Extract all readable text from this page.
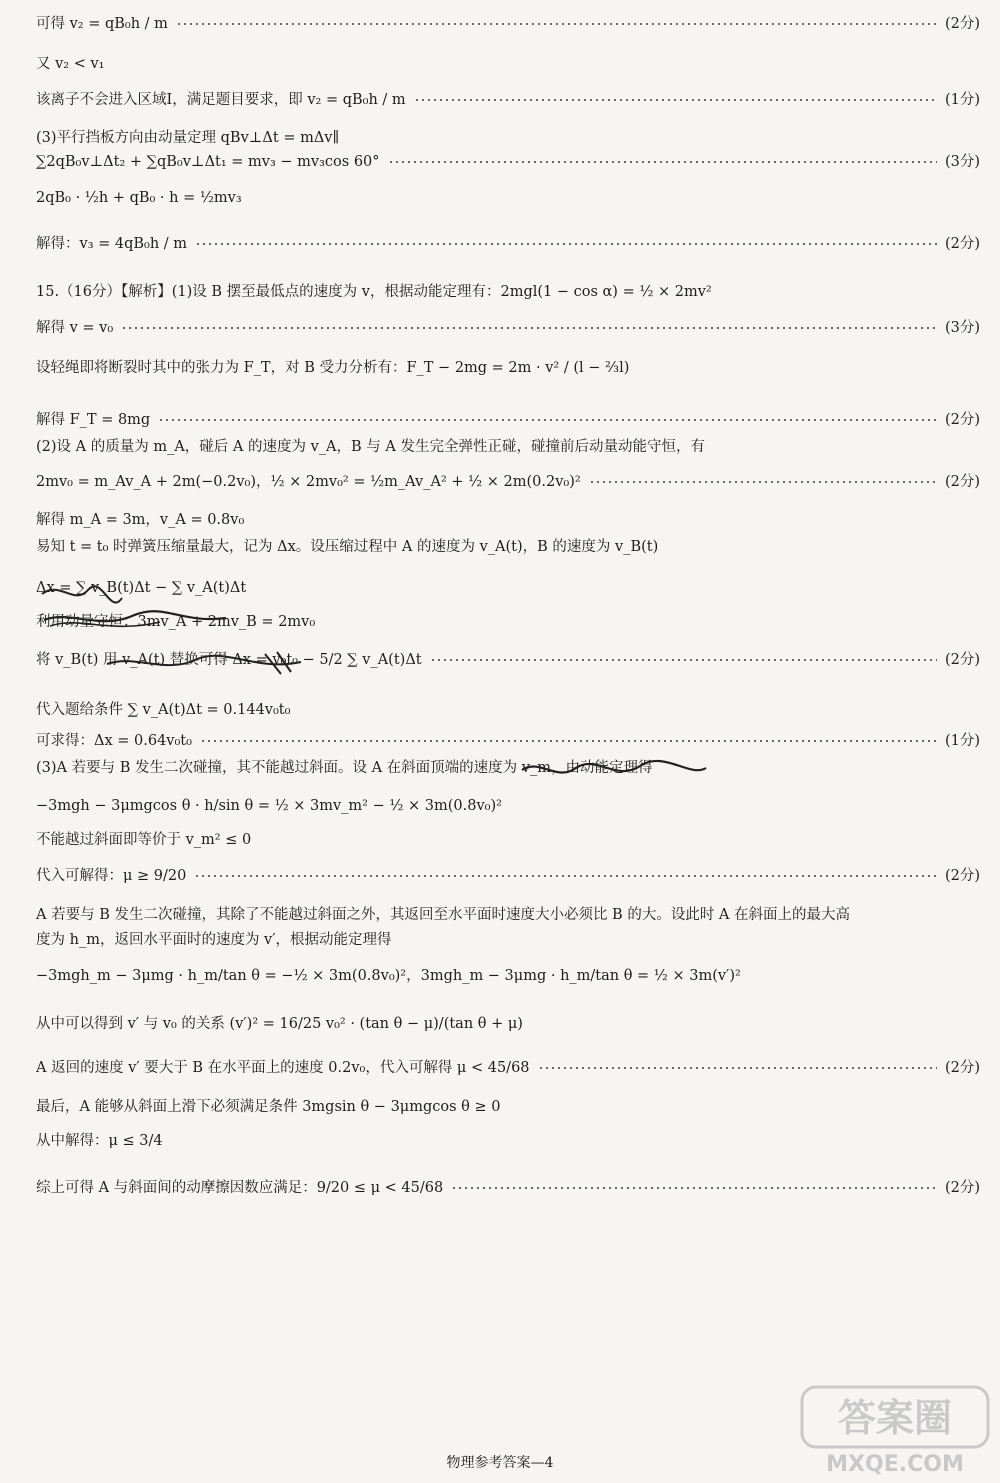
可得 v₂ = qB₀h / m	(2分)
又 v₂ < v₁
该离子不会进入区域Ⅰ，满足题目要求，即 v₂ = qB₀h / m	(1分)
(3)平行挡板方向由动量定理 qBv⊥Δt = mΔv∥
∑2qB₀v⊥Δt₂ + ∑qB₀v⊥Δt₁ = mv₃ − mv₃cos 60°	(3分)
2qB₀ · ½h + qB₀ · h = ½mv₃
解得：v₃ = 4qB₀h / m	(2分)
15.（16分）【解析】(1)设 B 摆至最低点的速度为 v，根据动能定理有：2mgl(1 − cos α) = ½ × 2mv²
解得 v = v₀	(3分)
设轻绳即将断裂时其中的张力为 F_T，对 B 受力分析有：F_T − 2mg = 2m · v² / (l − ⅔l)
解得 F_T = 8mg	(2分)
(2)设 A 的质量为 m_A，碰后 A 的速度为 v_A，B 与 A 发生完全弹性正碰，碰撞前后动量动能守恒，有
2mv₀ = m_Av_A + 2m(−0.2v₀)，½ × 2mv₀² = ½m_Av_A² + ½ × 2m(0.2v₀)²	(2分)
解得 m_A = 3m，v_A = 0.8v₀
易知 t = t₀ 时弹簧压缩量最大，记为 Δx。设压缩过程中 A 的速度为 v_A(t)，B 的速度为 v_B(t)
Δx = ∑ v_B(t)Δt − ∑ v_A(t)Δt
利用动量守恒：3mv_A + 2mv_B = 2mv₀
将 v_B(t) 用 v_A(t) 替换可得 Δx = v₀t₀ − 5/2 ∑ v_A(t)Δt	(2分)
代入题给条件 ∑ v_A(t)Δt = 0.144v₀t₀
可求得：Δx = 0.64v₀t₀	(1分)
(3)A 若要与 B 发生二次碰撞，其不能越过斜面。设 A 在斜面顶端的速度为 v_m，由动能定理得
−3mgh − 3μmgcos θ · h/sin θ = ½ × 3mv_m² − ½ × 3m(0.8v₀)²
不能越过斜面即等价于 v_m² ≤ 0
代入可解得：μ ≥ 9/20	(2分)
A 若要与 B 发生二次碰撞，其除了不能越过斜面之外，其返回至水平面时速度大小必须比 B 的大。设此时 A 在斜面上的最大高
度为 h_m，返回水平面时的速度为 v′，根据动能定理得
−3mgh_m − 3μmg · h_m/tan θ = −½ × 3m(0.8v₀)²，3mgh_m − 3μmg · h_m/tan θ = ½ × 3m(v′)²
从中可以得到 v′ 与 v₀ 的关系 (v′)² = 16/25 v₀² · (tan θ − μ)/(tan θ + μ)
A 返回的速度 v′ 要大于 B 在水平面上的速度 0.2v₀，代入可解得 μ < 45/68	(2分)
最后，A 能够从斜面上滑下必须满足条件 3mgsin θ − 3μmgcos θ ≥ 0
从中解得：μ ≤ 3/4
综上可得 A 与斜面间的动摩擦因数应满足：9/20 ≤ μ < 45/68	(2分)
物理参考答案—4
答案圈
MXQE.COM
